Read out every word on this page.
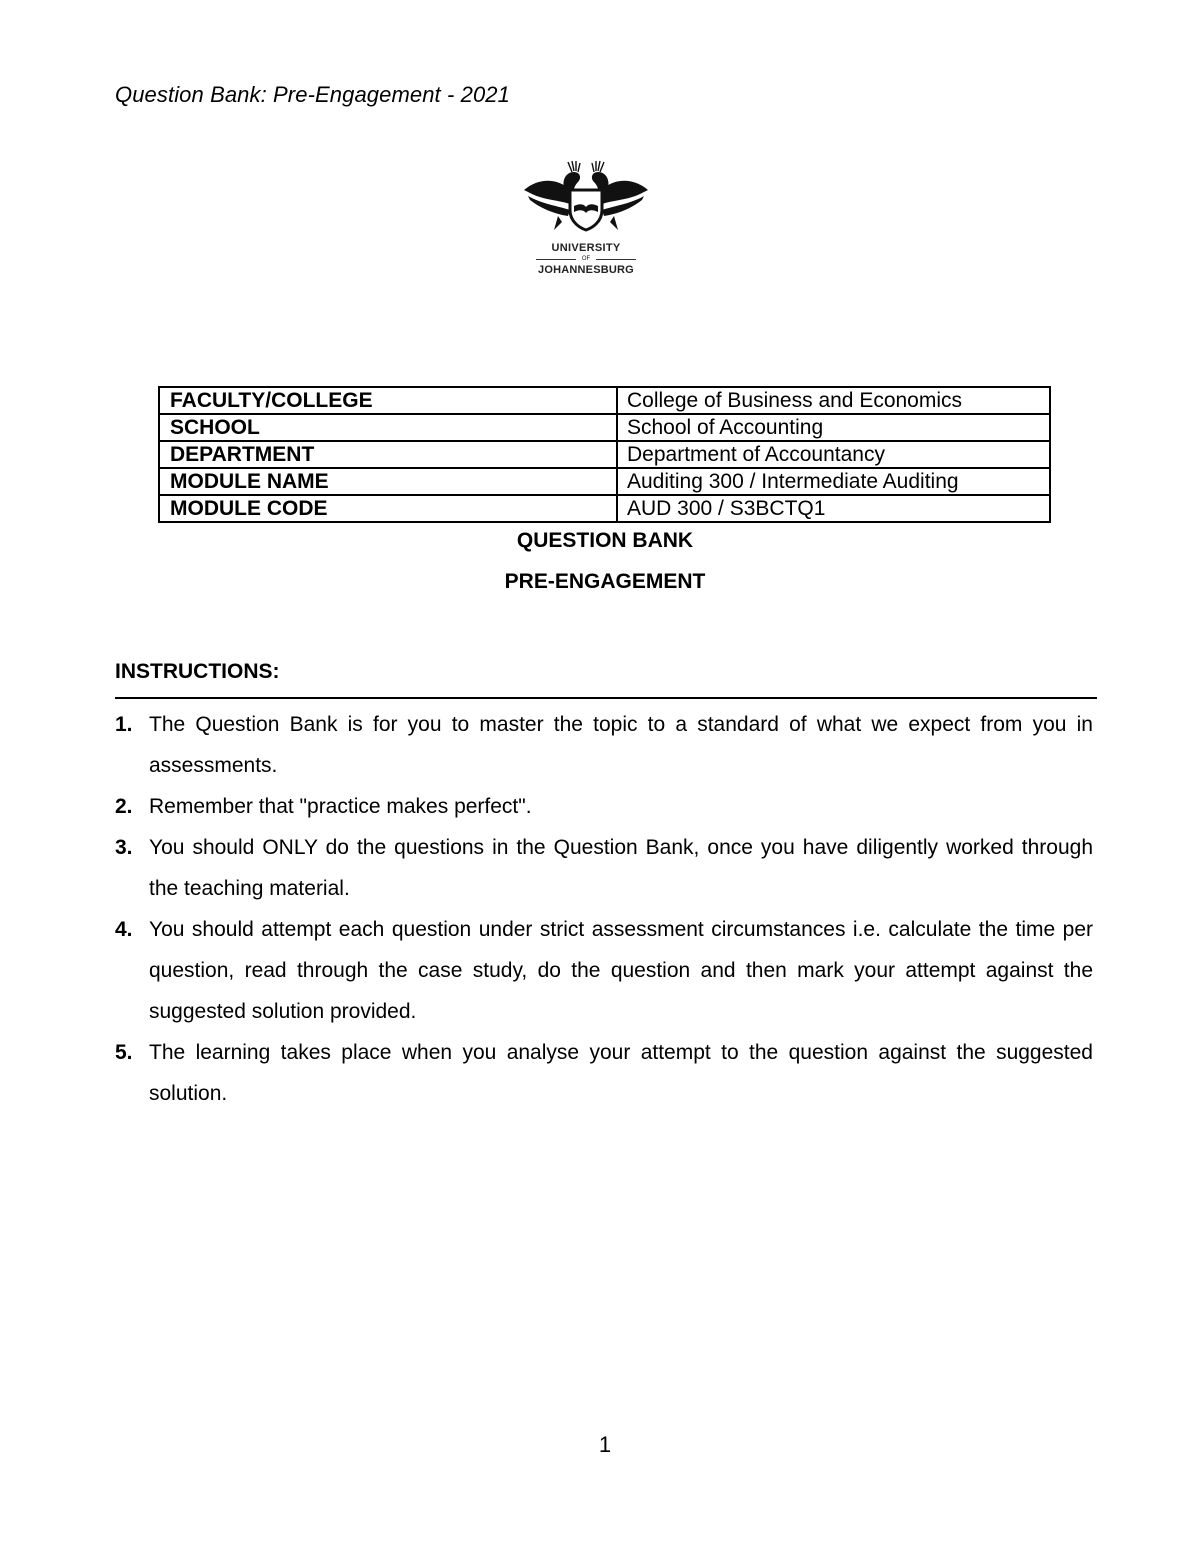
Question Bank: Pre-Engagement - 2021
UNIVERSITY
OF
JOHANNESBURG
FACULTY/COLLEGE	College of Business and Economics
SCHOOL	School of Accounting
DEPARTMENT	Department of Accountancy
MODULE NAME	Auditing 300 / Intermediate Auditing
MODULE CODE	AUD 300 / S3BCTQ1
QUESTION BANK
PRE-ENGAGEMENT
INSTRUCTIONS:
1. The Question Bank is for you to master the topic to a standard of what we expect from you in assessments.
2. Remember that "practice makes perfect".
3. You should ONLY do the questions in the Question Bank, once you have diligently worked through the teaching material.
4. You should attempt each question under strict assessment circumstances i.e. calculate the time per question, read through the case study, do the question and then mark your attempt against the suggested solution provided.
5. The learning takes place when you analyse your attempt to the question against the suggested solution.
1
